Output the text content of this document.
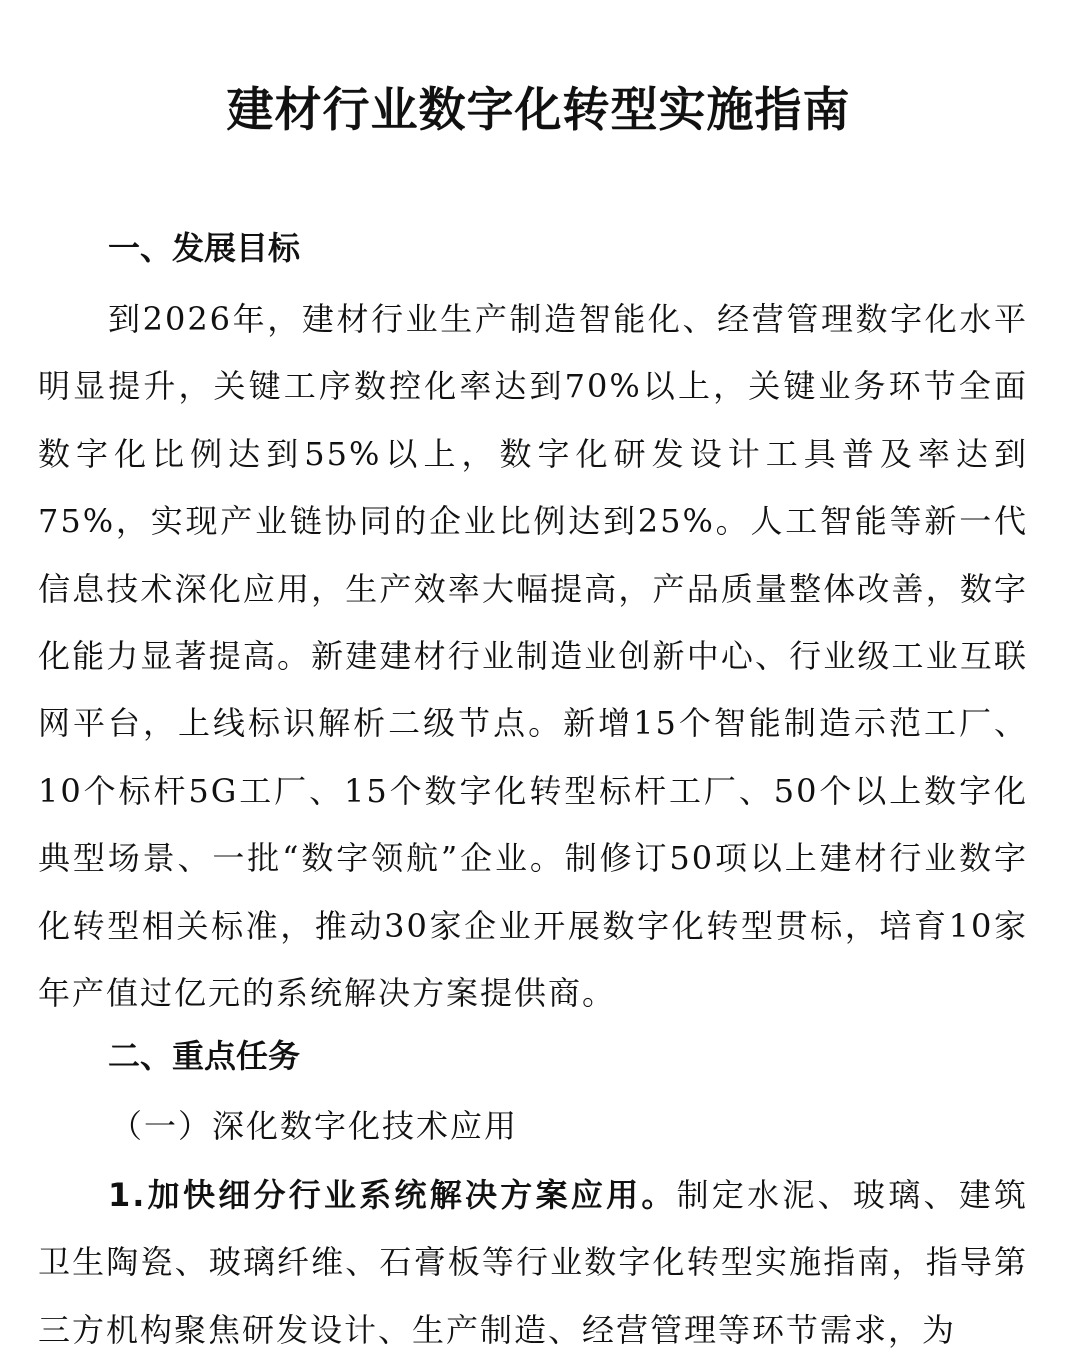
建材行业数字化转型实施指南
一、发展目标

到2026年，建材行业生产制造智能化、经营管理数字化水平明显提升，关键工序数控化率达到70%以上，关键业务环节全面数字化比例达到55%以上，数字化研发设计工具普及率达到75%，实现产业链协同的企业比例达到25%。人工智能等新一代信息技术深化应用，生产效率大幅提高，产品质量整体改善，数字化能力显著提高。新建建材行业制造业创新中心、行业级工业互联网平台，上线标识解析二级节点。新增15个智能制造示范工厂、10个标杆5G工厂、15个数字化转型标杆工厂、50个以上数字化典型场景、一批“数字领航”企业。制修订50项以上建材行业数字化转型相关标准，推动30家企业开展数字化转型贯标，培育10家年产值过亿元的系统解决方案提供商。

二、重点任务

（一）深化数字化技术应用

1.加快细分行业系统解决方案应用。制定水泥、玻璃、建筑卫生陶瓷、玻璃纤维、石膏板等行业数字化转型实施指南，指导第三方机构聚焦研发设计、生产制造、经营管理等环节需求，为
